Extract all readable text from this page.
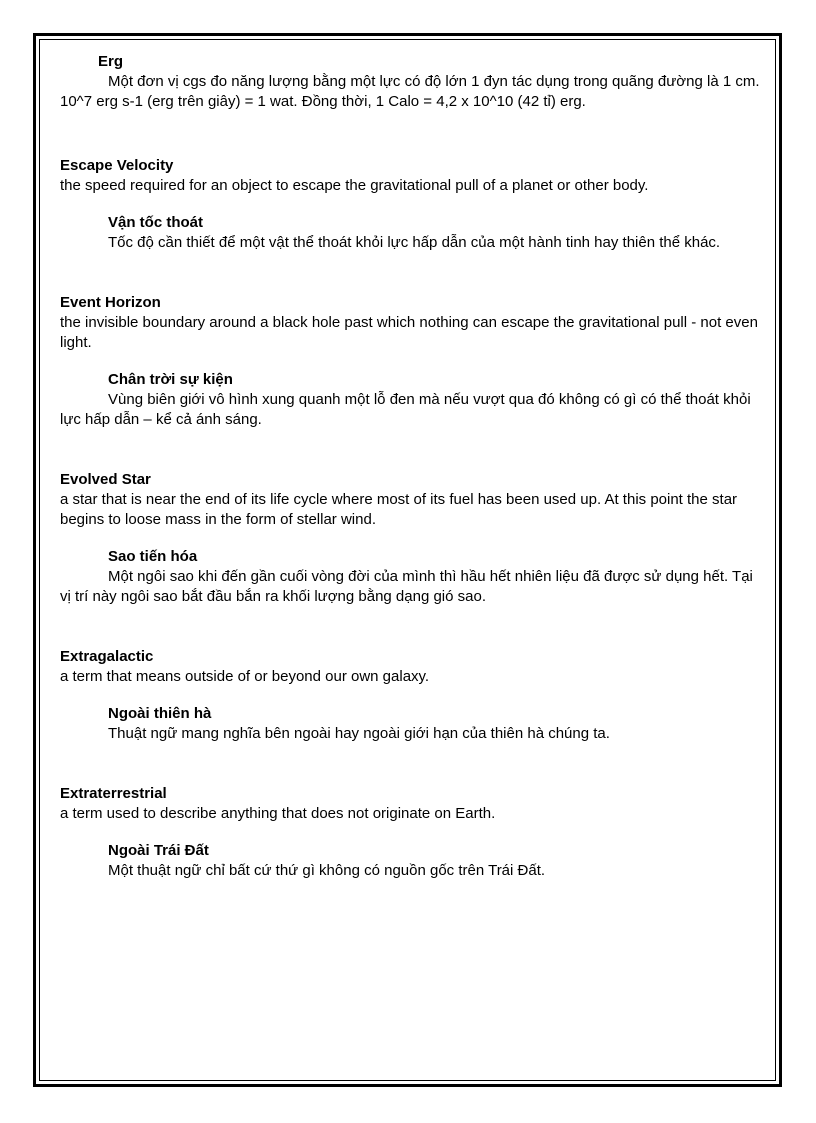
Erg

Một đơn vị cgs đo năng lượng bằng một lực có độ lớn 1 đyn tác dụng trong quãng đường là 1 cm.

10^7 erg s-1 (erg trên giây) = 1 wat. Đồng thời, 1 Calo = 4,2 x 10^10 (42 tỉ) erg.

Escape Velocity

the speed required for an object to escape the gravitational pull of a planet or other body.

Vận tốc thoát

Tốc độ cần thiết để một vật thể thoát khỏi lực hấp dẫn của một hành tinh hay thiên thể khác.

Event Horizon

the invisible boundary around a black hole past which nothing can escape the gravitational pull - not even light.

Chân trời sự kiện

Vùng biên giới vô hình xung quanh một lỗ đen mà nếu vượt qua đó không có gì có thể thoát khỏi lực hấp dẫn – kể cả ánh sáng.

Evolved Star

a star that is near the end of its life cycle where most of its fuel has been used up. At this point the star begins to loose mass in the form of stellar wind.

Sao tiến hóa

Một ngôi sao khi đến gần cuối vòng đời của mình thì hầu hết nhiên liệu đã được sử dụng hết. Tại vị trí này ngôi sao bắt đầu bắn ra khối lượng bằng dạng gió sao.

Extragalactic

a term that means outside of or beyond our own galaxy.

Ngoài thiên hà

Thuật ngữ mang nghĩa bên ngoài hay ngoài giới hạn của thiên hà chúng ta.

Extraterrestrial

a term used to describe anything that does not originate on Earth.

Ngoài Trái Đất

Một thuật ngữ chỉ bất cứ thứ gì không có nguồn gốc trên Trái Đất.
